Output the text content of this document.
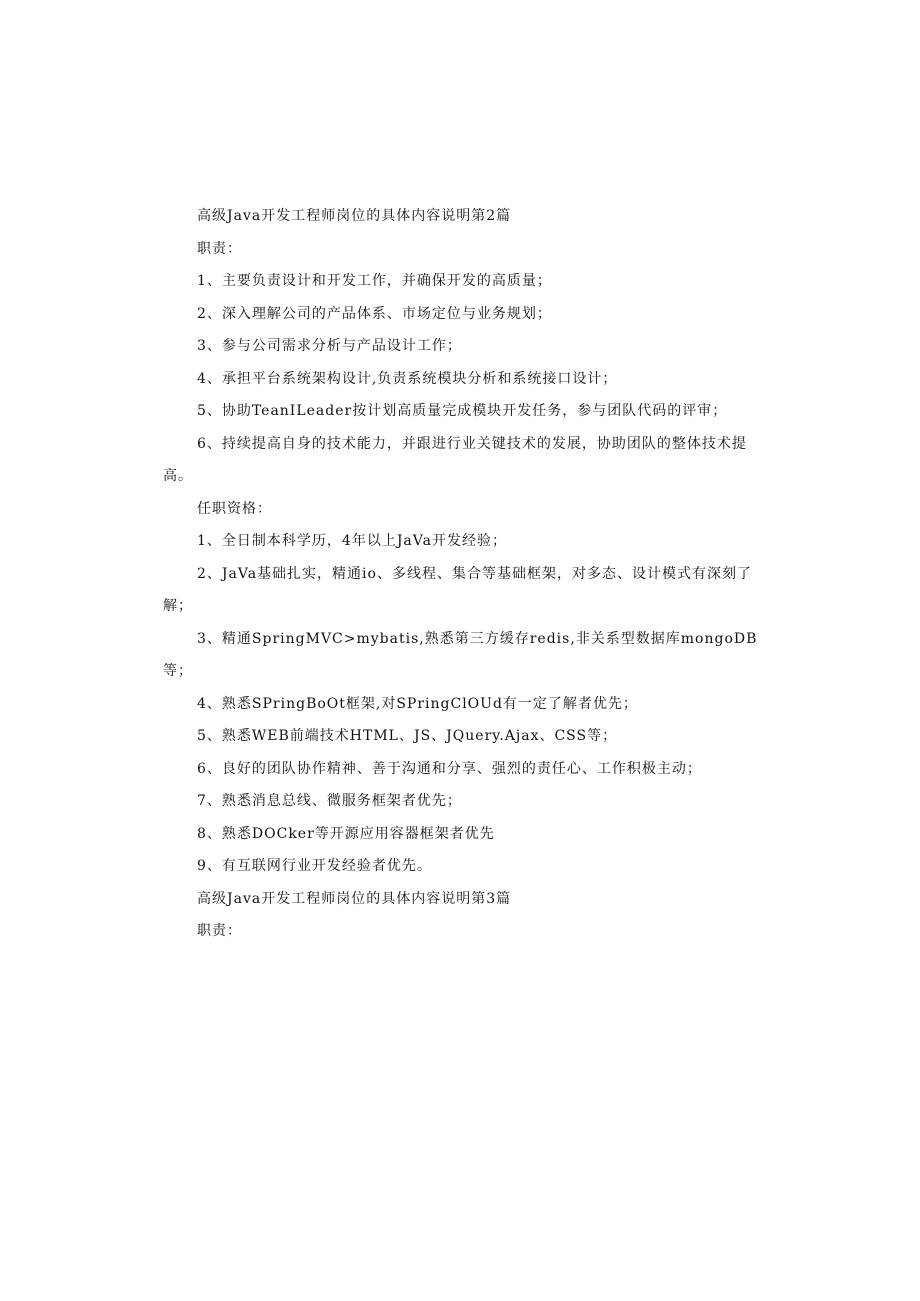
高级Java开发工程师岗位的具体内容说明第2篇

职责：

1、主要负责设计和开发工作，并确保开发的高质量；

2、深入理解公司的产品体系、市场定位与业务规划；

3、参与公司需求分析与产品设计工作；

4、承担平台系统架构设计,负责系统模块分析和系统接口设计；

5、协助TeanILeader按计划高质量完成模块开发任务，参与团队代码的评审；

6、持续提高自身的技术能力，并跟进行业关键技术的发展，协助团队的整体技术提高。

任职资格：

1、全日制本科学历，4年以上JaVa开发经验；

2、JaVa基础扎实，精通io、多线程、集合等基础框架，对多态、设计模式有深刻了解；

3、精通SpringMVC>mybatis,熟悉第三方缓存redis,非关系型数据库mongoDB等；

4、熟悉SPringBoOt框架,对SPringClOUd有一定了解者优先；

5、熟悉WEB前端技术HTML、JS、JQuery.Ajax、CSS等；

6、良好的团队协作精神、善于沟通和分享、强烈的责任心、工作积极主动；

7、熟悉消息总线、微服务框架者优先；

8、熟悉DOCker等开源应用容器框架者优先

9、有互联网行业开发经验者优先。

高级Java开发工程师岗位的具体内容说明第3篇

职责：
